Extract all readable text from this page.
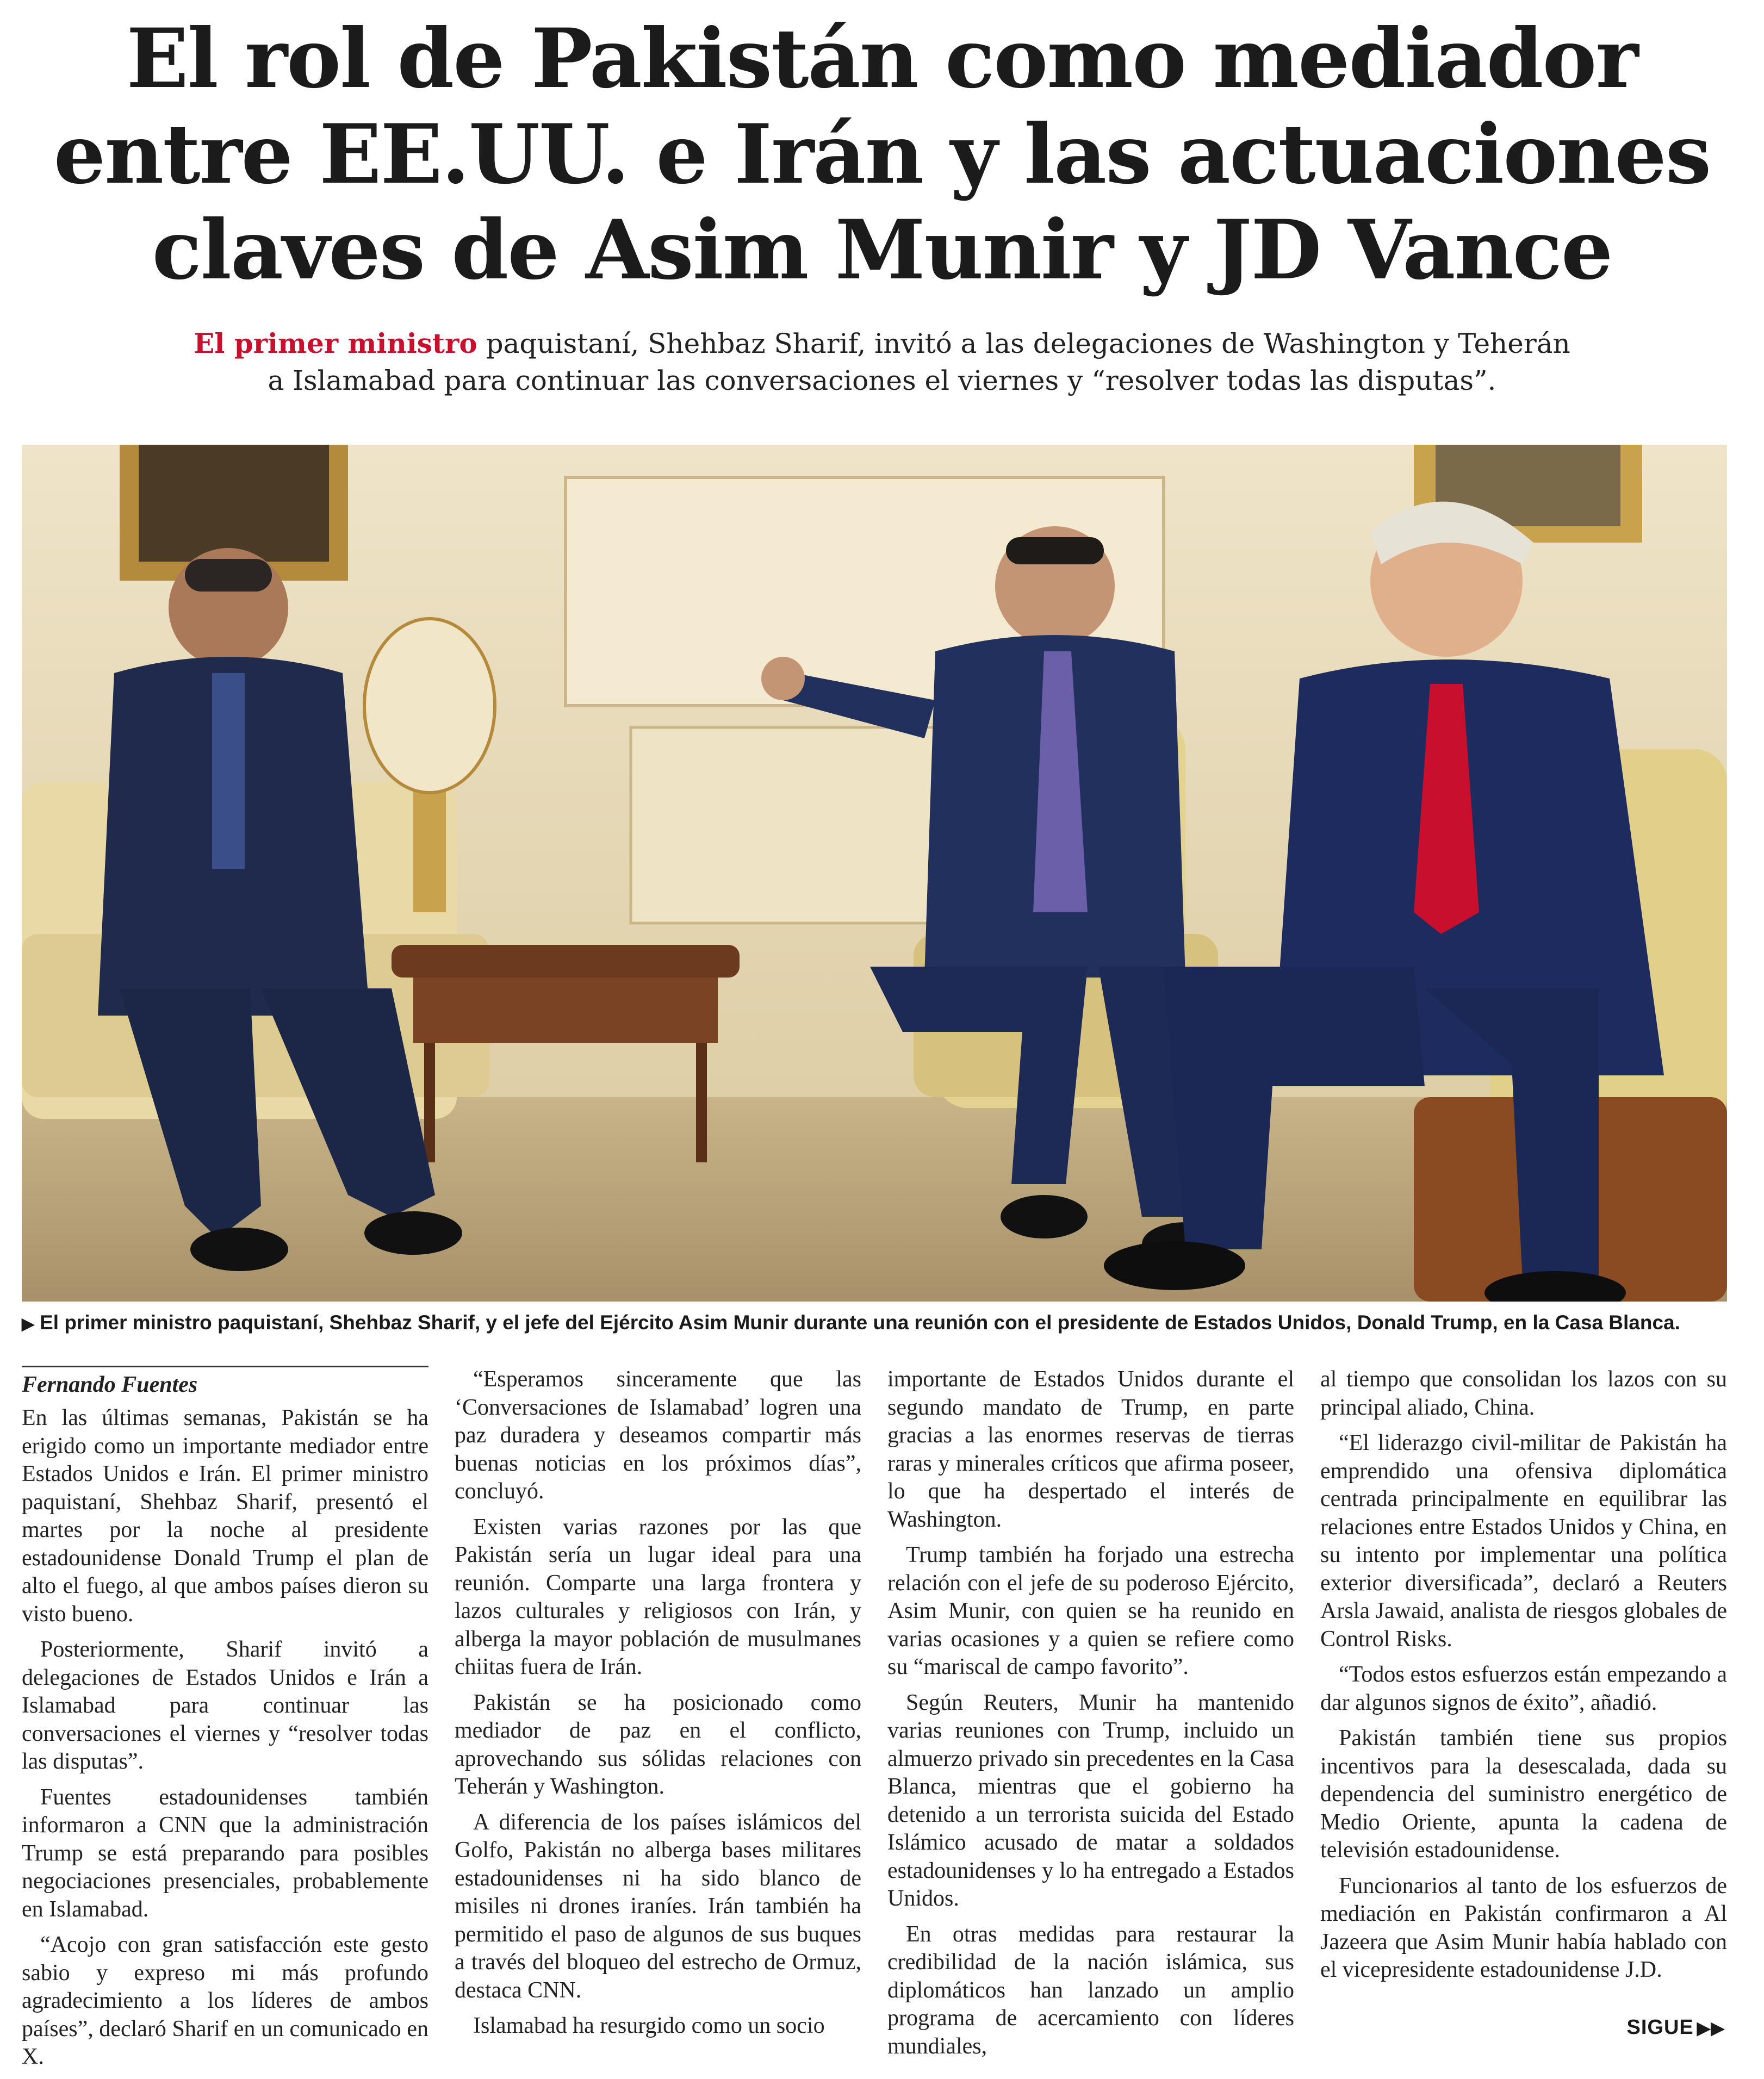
El rol de Pakistán como mediador
entre EE.UU. e Irán y las actuaciones
claves de Asim Munir y JD Vance

El primer ministro paquistaní, Shehbaz Sharif, invitó a las delegaciones de Washington y Teherán
a Islamabad para continuar las conversaciones el viernes y “resolver todas las disputas”.

▶ El primer ministro paquistaní, Shehbaz Sharif, y el jefe del Ejército Asim Munir durante una reunión con el presidente de Estados Unidos, Donald Trump, en la Casa Blanca.
Fernando Fuentes

En las últimas semanas, Pakistán se ha erigido como un importante mediador entre Estados Unidos e Irán. El primer ministro paquistaní, Shehbaz Sharif, presentó el martes por la noche al presidente estadounidense Donald Trump el plan de alto el fuego, al que ambos países dieron su visto bueno.

Posteriormente, Sharif invitó a delegaciones de Estados Unidos e Irán a Islamabad para continuar las conversaciones el viernes y “resolver todas las disputas”.

Fuentes estadounidenses también informaron a CNN que la administración Trump se está preparando para posibles negociaciones presenciales, probablemente en Islamabad.

“Acojo con gran satisfacción este gesto sabio y expreso mi más profundo agradecimiento a los líderes de ambos países”, declaró Sharif en un comunicado en X.

“Esperamos sinceramente que las ‘Conversaciones de Islamabad’ logren una paz duradera y deseamos compartir más buenas noticias en los próximos días”, concluyó.

Existen varias razones por las que Pakistán sería un lugar ideal para una reunión. Comparte una larga frontera y lazos culturales y religiosos con Irán, y alberga la mayor población de musulmanes chiitas fuera de Irán.

Pakistán se ha posicionado como mediador de paz en el conflicto, aprovechando sus sólidas relaciones con Teherán y Washington.

A diferencia de los países islámicos del Golfo, Pakistán no alberga bases militares estadounidenses ni ha sido blanco de misiles ni drones iraníes. Irán también ha permitido el paso de algunos de sus buques a través del bloqueo del estrecho de Ormuz, destaca CNN.

Islamabad ha resurgido como un socio

importante de Estados Unidos durante el segundo mandato de Trump, en parte gracias a las enormes reservas de tierras raras y minerales críticos que afirma poseer, lo que ha despertado el interés de Washington.

Trump también ha forjado una estrecha relación con el jefe de su poderoso Ejército, Asim Munir, con quien se ha reunido en varias ocasiones y a quien se refiere como su “mariscal de campo favorito”.

Según Reuters, Munir ha mantenido varias reuniones con Trump, incluido un almuerzo privado sin precedentes en la Casa Blanca, mientras que el gobierno ha detenido a un terrorista suicida del Estado Islámico acusado de matar a soldados estadounidenses y lo ha entregado a Estados Unidos.

En otras medidas para restaurar la credibilidad de la nación islámica, sus diplomáticos han lanzado un amplio programa de acercamiento con líderes mundiales,

al tiempo que consolidan los lazos con su principal aliado, China.

“El liderazgo civil-militar de Pakistán ha emprendido una ofensiva diplomática centrada principalmente en equilibrar las relaciones entre Estados Unidos y China, en su intento por implementar una política exterior diversificada”, declaró a Reuters Arsla Jawaid, analista de riesgos globales de Control Risks.

“Todos estos esfuerzos están empezando a dar algunos signos de éxito”, añadió.

Pakistán también tiene sus propios incentivos para la desescalada, dada su dependencia del suministro energético de Medio Oriente, apunta la cadena de televisión estadounidense.

Funcionarios al tanto de los esfuerzos de mediación en Pakistán confirmaron a Al Jazeera que Asim Munir había hablado con el vicepresidente estadounidense J.D.

SIGUE ▶▶
